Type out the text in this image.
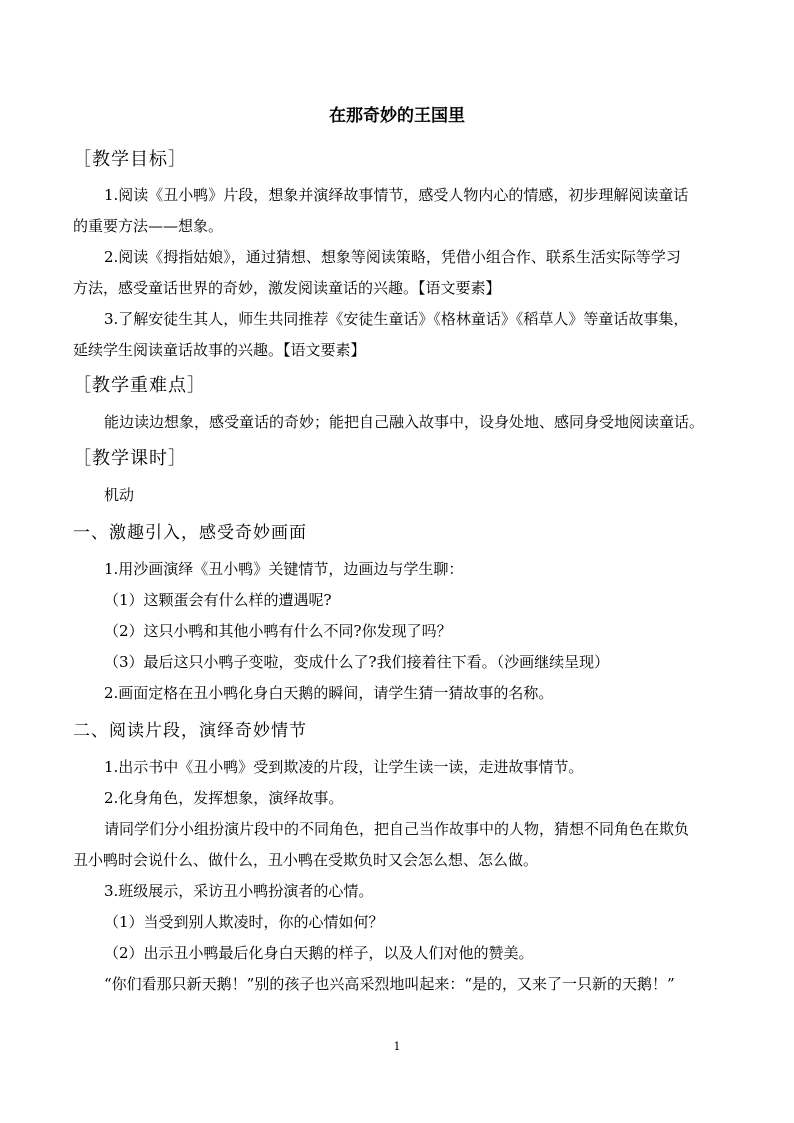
在那奇妙的王国里
［教学目标］
1.阅读《丑小鸭》片段，想象并演绎故事情节，感受人物内心的情感，初步理解阅读童话
的重要方法——想象。
2.阅读《拇指姑娘》，通过猜想、想象等阅读策略，凭借小组合作、联系生活实际等学习
方法，感受童话世界的奇妙，激发阅读童话的兴趣。【语文要素】
3.了解安徒生其人，师生共同推荐《安徒生童话》《格林童话》《稻草人》等童话故事集，
延续学生阅读童话故事的兴趣。【语文要素】
［教学重难点］
能边读边想象，感受童话的奇妙；能把自己融入故事中，设身处地、感同身受地阅读童话。
［教学课时］
机动
一、激趣引入，感受奇妙画面
1.用沙画演绎《丑小鸭》关键情节，边画边与学生聊：
（1）这颗蛋会有什么样的遭遇呢?
（2）这只小鸭和其他小鸭有什么不同?你发现了吗？
（3）最后这只小鸭子变啦，变成什么了?我们接着往下看。（沙画继续呈现）
2.画面定格在丑小鸭化身白天鹅的瞬间，请学生猜一猜故事的名称。
二、阅读片段，演绎奇妙情节
1.出示书中《丑小鸭》受到欺凌的片段，让学生读一读，走进故事情节。
2.化身角色，发挥想象，演绎故事。
请同学们分小组扮演片段中的不同角色，把自己当作故事中的人物，猜想不同角色在欺负
丑小鸭时会说什么、做什么，丑小鸭在受欺负时又会怎么想、怎么做。
3.班级展示，采访丑小鸭扮演者的心情。
（1）当受到别人欺凌时，你的心情如何？
（2）出示丑小鸭最后化身白天鹅的样子，以及人们对他的赞美。
“你们看那只新天鹅！”别的孩子也兴高采烈地叫起来：“是的，又来了一只新的天鹅！”
1
